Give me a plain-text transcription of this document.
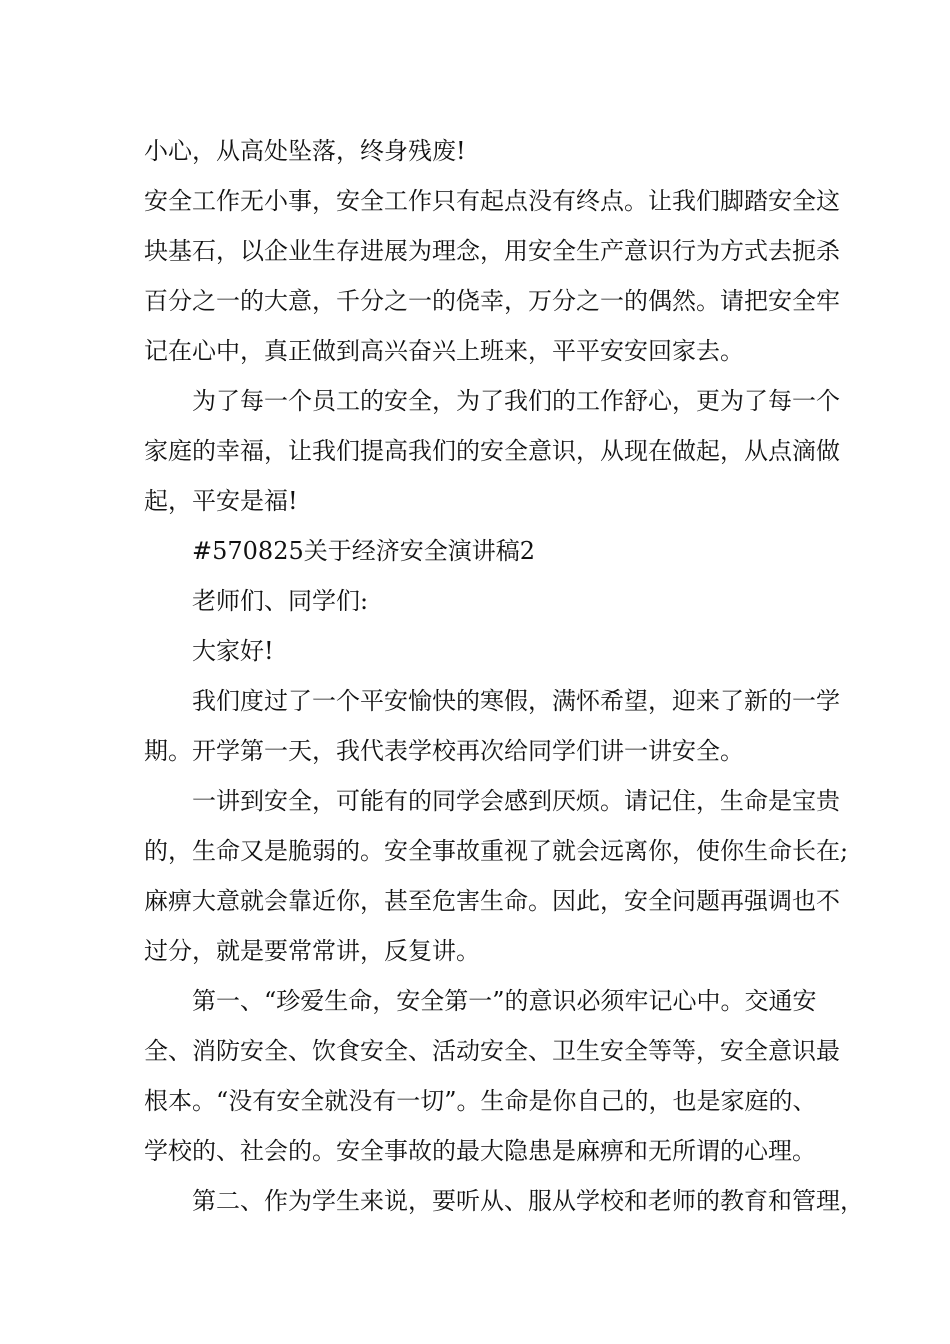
小心，从高处坠落，终身残废!

安全工作无小事，安全工作只有起点没有终点。让我们脚踏安全这

块基石，以企业生存进展为理念，用安全生产意识行为方式去扼杀

百分之一的大意，千分之一的侥幸，万分之一的偶然。请把安全牢

记在心中，真正做到高兴奋兴上班来，平平安安回家去。

为了每一个员工的安全，为了我们的工作舒心，更为了每一个

家庭的幸福，让我们提高我们的安全意识，从现在做起，从点滴做

起，平安是福!

#570825关于经济安全演讲稿2

老师们、同学们:

大家好!

我们度过了一个平安愉快的寒假，满怀希望，迎来了新的一学

期。开学第一天，我代表学校再次给同学们讲一讲安全。

一讲到安全，可能有的同学会感到厌烦。请记住，生命是宝贵

的，生命又是脆弱的。安全事故重视了就会远离你，使你生命长在;

麻痹大意就会靠近你，甚至危害生命。因此，安全问题再强调也不

过分，就是要常常讲，反复讲。

第一、“珍爱生命，安全第一”的意识必须牢记心中。交通安

全、消防安全、饮食安全、活动安全、卫生安全等等，安全意识最

根本。“没有安全就没有一切”。生命是你自己的，也是家庭的、

学校的、社会的。安全事故的最大隐患是麻痹和无所谓的心理。

第二、作为学生来说，要听从、服从学校和老师的教育和管理，
